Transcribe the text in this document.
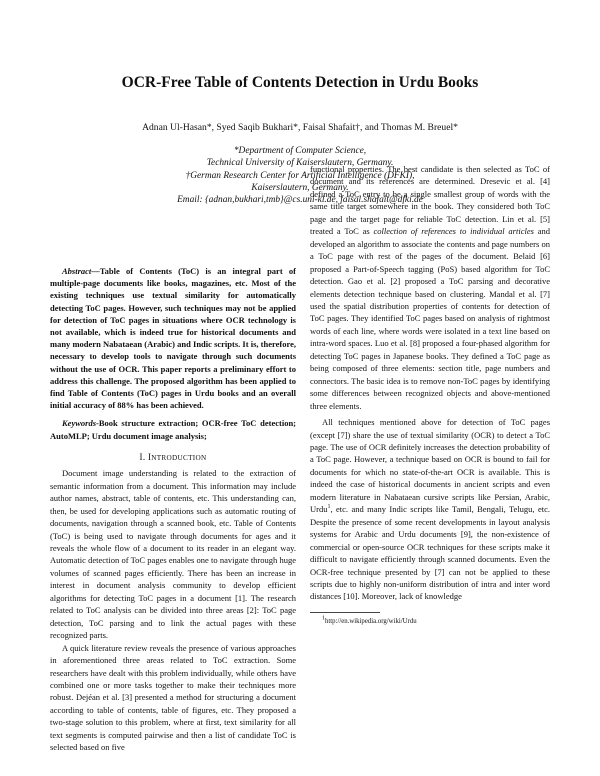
OCR-Free Table of Contents Detection in Urdu Books
Adnan Ul-Hasan*, Syed Saqib Bukhari*, Faisal Shafait†, and Thomas M. Breuel*
*Department of Computer Science,
Technical University of Kaiserslautern, Germany.
†German Research Center for Artificial Intelligence (DFKI),
Kaiserslautern, Germany.
Email: {adnan,bukhari,tmb}@cs.uni-kl.de, faisal.shafait@dfki.de

Abstract—Table of Contents (ToC) is an integral part of multiple-page documents like books, magazines, etc. Most of the existing techniques use textual similarity for automatically detecting ToC pages. However, such techniques may not be applied for detection of ToC pages in situations where OCR technology is not available, which is indeed true for historical documents and many modern Nabataean (Arabic) and Indic scripts. It is, therefore, necessary to develop tools to navigate through such documents without the use of OCR. This paper reports a preliminary effort to address this challenge. The proposed algorithm has been applied to find Table of Contents (ToC) pages in Urdu books and an overall initial accuracy of 88% has been achieved.

Keywords-Book structure extraction; OCR-free ToC detection; AutoMLP; Urdu document image analysis;

I. INTRODUCTION

Document image understanding is related to the extraction of semantic information from a document. This information may include author names, abstract, table of contents, etc. This understanding can, then, be used for developing applications such as automatic routing of documents, navigation through a scanned book, etc. Table of Contents (ToC) is being used to navigate through documents for ages and it reveals the whole flow of a document to its reader in an elegant way. Automatic detection of ToC pages enables one to navigate through huge volumes of scanned pages efficiently. There has been an increase in interest in document analysis community to develop efficient algorithms for detecting ToC pages in a document [1]. The research related to ToC analysis can be divided into three areas [2]: ToC page detection, ToC parsing and to link the actual pages with these recognized parts.

A quick literature review reveals the presence of various approaches in aforementioned three areas related to ToC extraction. Some researchers have dealt with this problem individually, while others have combined one or more tasks together to make their techniques more robust. Dejéan et al. [3] presented a method for structuring a document according to table of contents, table of figures, etc. They proposed a two-stage solution to this problem, where at first, text similarity for all text segments is computed pairwise and then a list of candidate ToC is selected based on five

functional properties. The best candidate is then selected as ToC of document and its references are determined. Dresevic et al. [4] defined a ToC entry to be a single smallest group of words with the same title target somewhere in the book. They considered both ToC page and the target page for reliable ToC detection. Lin et al. [5] treated a ToC as collection of references to individual articles and developed an algorithm to associate the contents and page numbers on a ToC page with rest of the pages of the document. Belaid [6] proposed a Part-of-Speech tagging (PoS) based algorithm for ToC detection. Gao et al. [2] proposed a ToC parsing and decorative elements detection technique based on clustering. Mandal et al. [7] used the spatial distribution properties of contents for detection of ToC pages. They identified ToC pages based on analysis of rightmost words of each line, where words were isolated in a text line based on intra-word spaces. Luo et al. [8] proposed a four-phased algorithm for detecting ToC pages in Japanese books. They defined a ToC page as being composed of three elements: section title, page numbers and connectors. The basic idea is to remove non-ToC pages by identifying some differences between recognized objects and above-mentioned three elements.

All techniques mentioned above for detection of ToC pages (except [7]) share the use of textual similarity (OCR) to detect a ToC page. The use of OCR definitely increases the detection probability of a ToC page. However, a technique based on OCR is bound to fail for documents for which no state-of-the-art OCR is available. This is indeed the case of historical documents in ancient scripts and even modern literature in Nabataean cursive scripts like Persian, Arabic, Urdu$^1$, etc. and many Indic scripts like Tamil, Bengali, Telugu, etc. Despite the presence of some recent developments in layout analysis systems for Arabic and Urdu documents [9], the non-existence of commercial or open-source OCR techniques for these scripts make it difficult to navigate efficiently through scanned documents. Even the OCR-free technique presented by [7] can not be applied to these scripts due to highly non-uniform distribution of intra and inter word distances [10]. Moreover, lack of knowledge

$^1$http://en.wikipedia.org/wiki/Urdu
